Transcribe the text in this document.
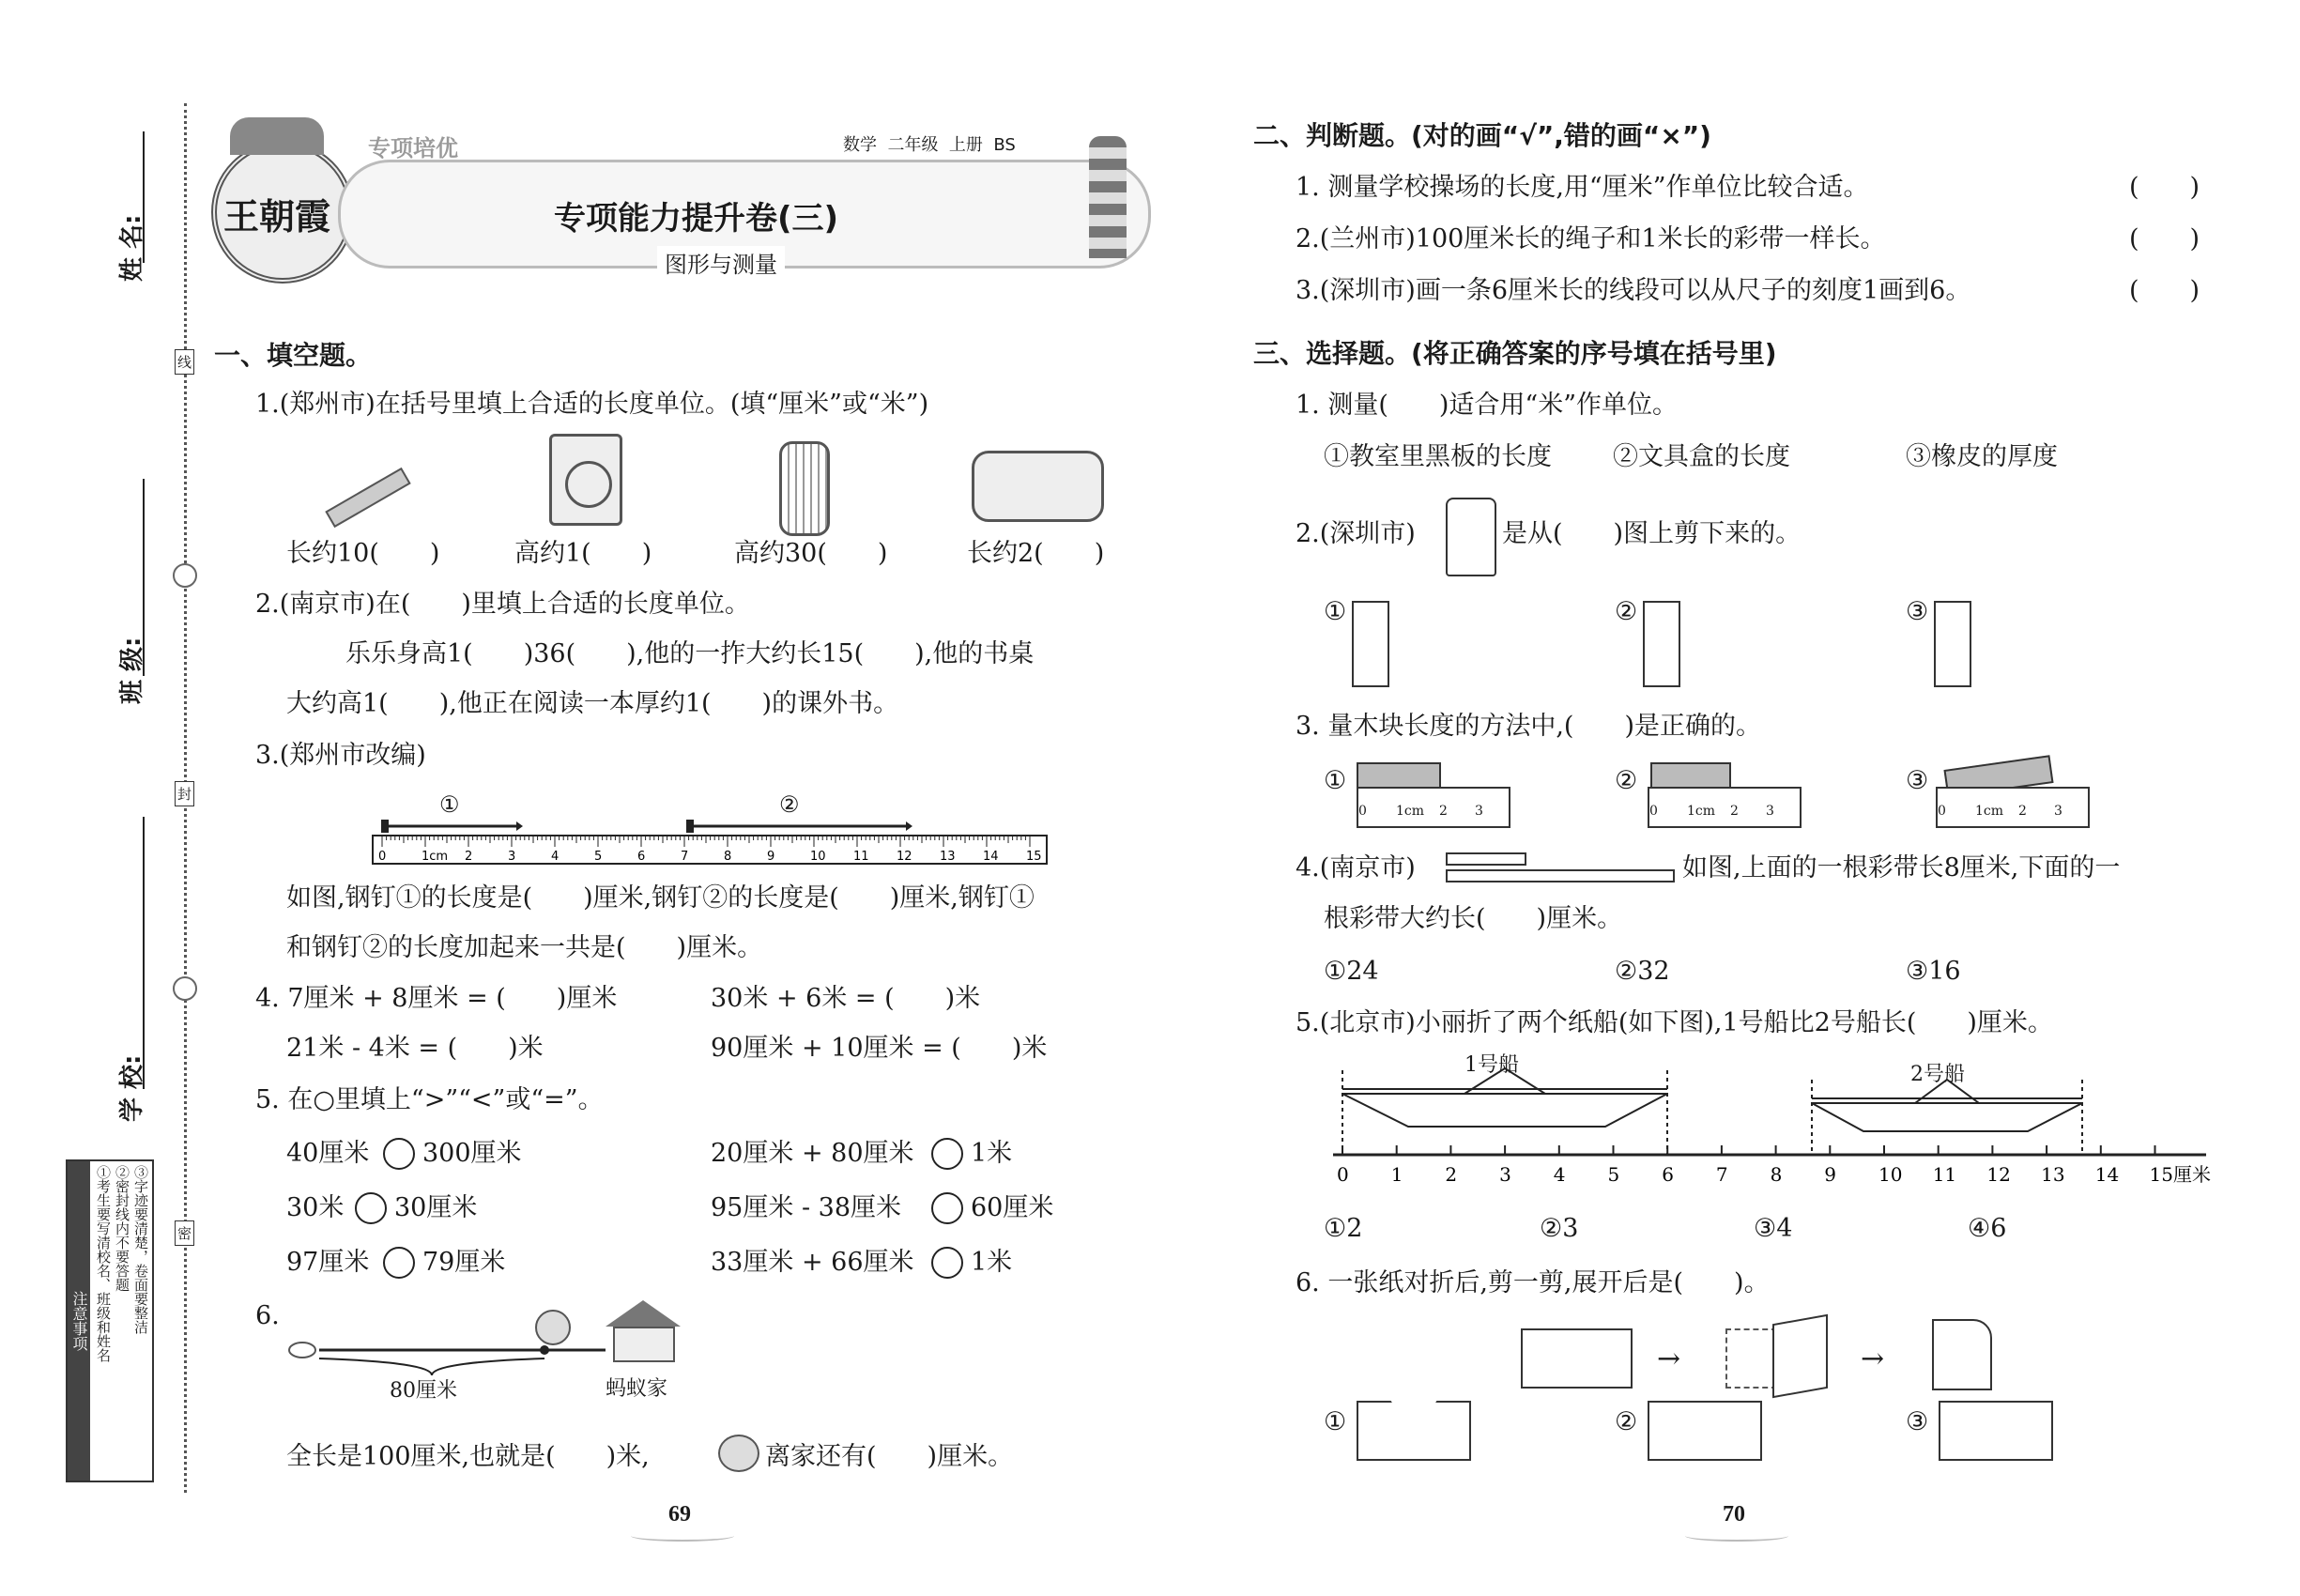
姓 名:
班 级:
学 校:
线
封
密
注意事项 ①考生要写清校名、班级和姓名 ②密封线内不要答题 ③字迹要清楚，卷面要整洁
王朝霞
专项培优	数学  二年级  上册  BS
专项能力提升卷(三)
图形与测量
一、填空题。
1.(郑州市)在括号里填上合适的长度单位。(填“厘米”或“米”)
长约10(　　)	高约1(　　)	高约30(　　)	长约2(　　)
2.(南京市)在(　　)里填上合适的长度单位。
乐乐身高1(　　)36(　　),他的一拃大约长15(　　),他的书桌
大约高1(　　),他正在阅读一本厚约1(　　)的课外书。
3.(郑州市改编)
0	1cm 2	3	4	5	6	7	8	9	10 11 12 13 14 15
①	②
如图,钢钉①的长度是(　　)厘米,钢钉②的长度是(　　)厘米,钢钉①
和钢钉②的长度加起来一共是(　　)厘米。
4. 7厘米 + 8厘米 = (　　)厘米	30米 + 6米 = (　　)米
21米 - 4米 = (　　)米	90厘米 + 10厘米 = (　　)米
5. 在○里填上“>”“<”或“=”。
40厘米 300厘米	20厘米 + 80厘米 1米
30米 30厘米	95厘米 - 38厘米	60厘米
97厘米 79厘米	33厘米 + 66厘米 1米
6.
80厘米	蚂蚁家
全长是100厘米,也就是(　　)米,	离家还有(　　)厘米。
69
二、判断题。(对的画“√”,错的画“×”)
1. 测量学校操场的长度,用“厘米”作单位比较合适。	(　　)
2.(兰州市)100厘米长的绳子和1米长的彩带一样长。	(　　)
3.(深圳市)画一条6厘米长的线段可以从尺子的刻度1画到6。	(　　)
三、选择题。(将正确答案的序号填在括号里)
1. 测量(　　)适合用“米”作单位。
①教室里黑板的长度 ②文具盒的长度	③橡皮的厚度
2.(深圳市)	是从(　　)图上剪下来的。
①	②	③
3. 量木块长度的方法中,(　　)是正确的。
①
0 1cm 2 3
②
0 1cm 2 3
③
0 1cm 2 3
4.(南京市)	如图,上面的一根彩带长8厘米,下面的一
根彩带大约长(　　)厘米。
①24	②32	③16
5.(北京市)小丽折了两个纸船(如下图),1号船比2号船长(　　)厘米。
0 1 2 3 4 5 6 7 8 9 10 11 12 13 14 15厘米
1号船	2号船
①2	②3	③4	④6
6. 一张纸对折后,剪一剪,展开后是(　　)。
→	→
①	②	③
70
